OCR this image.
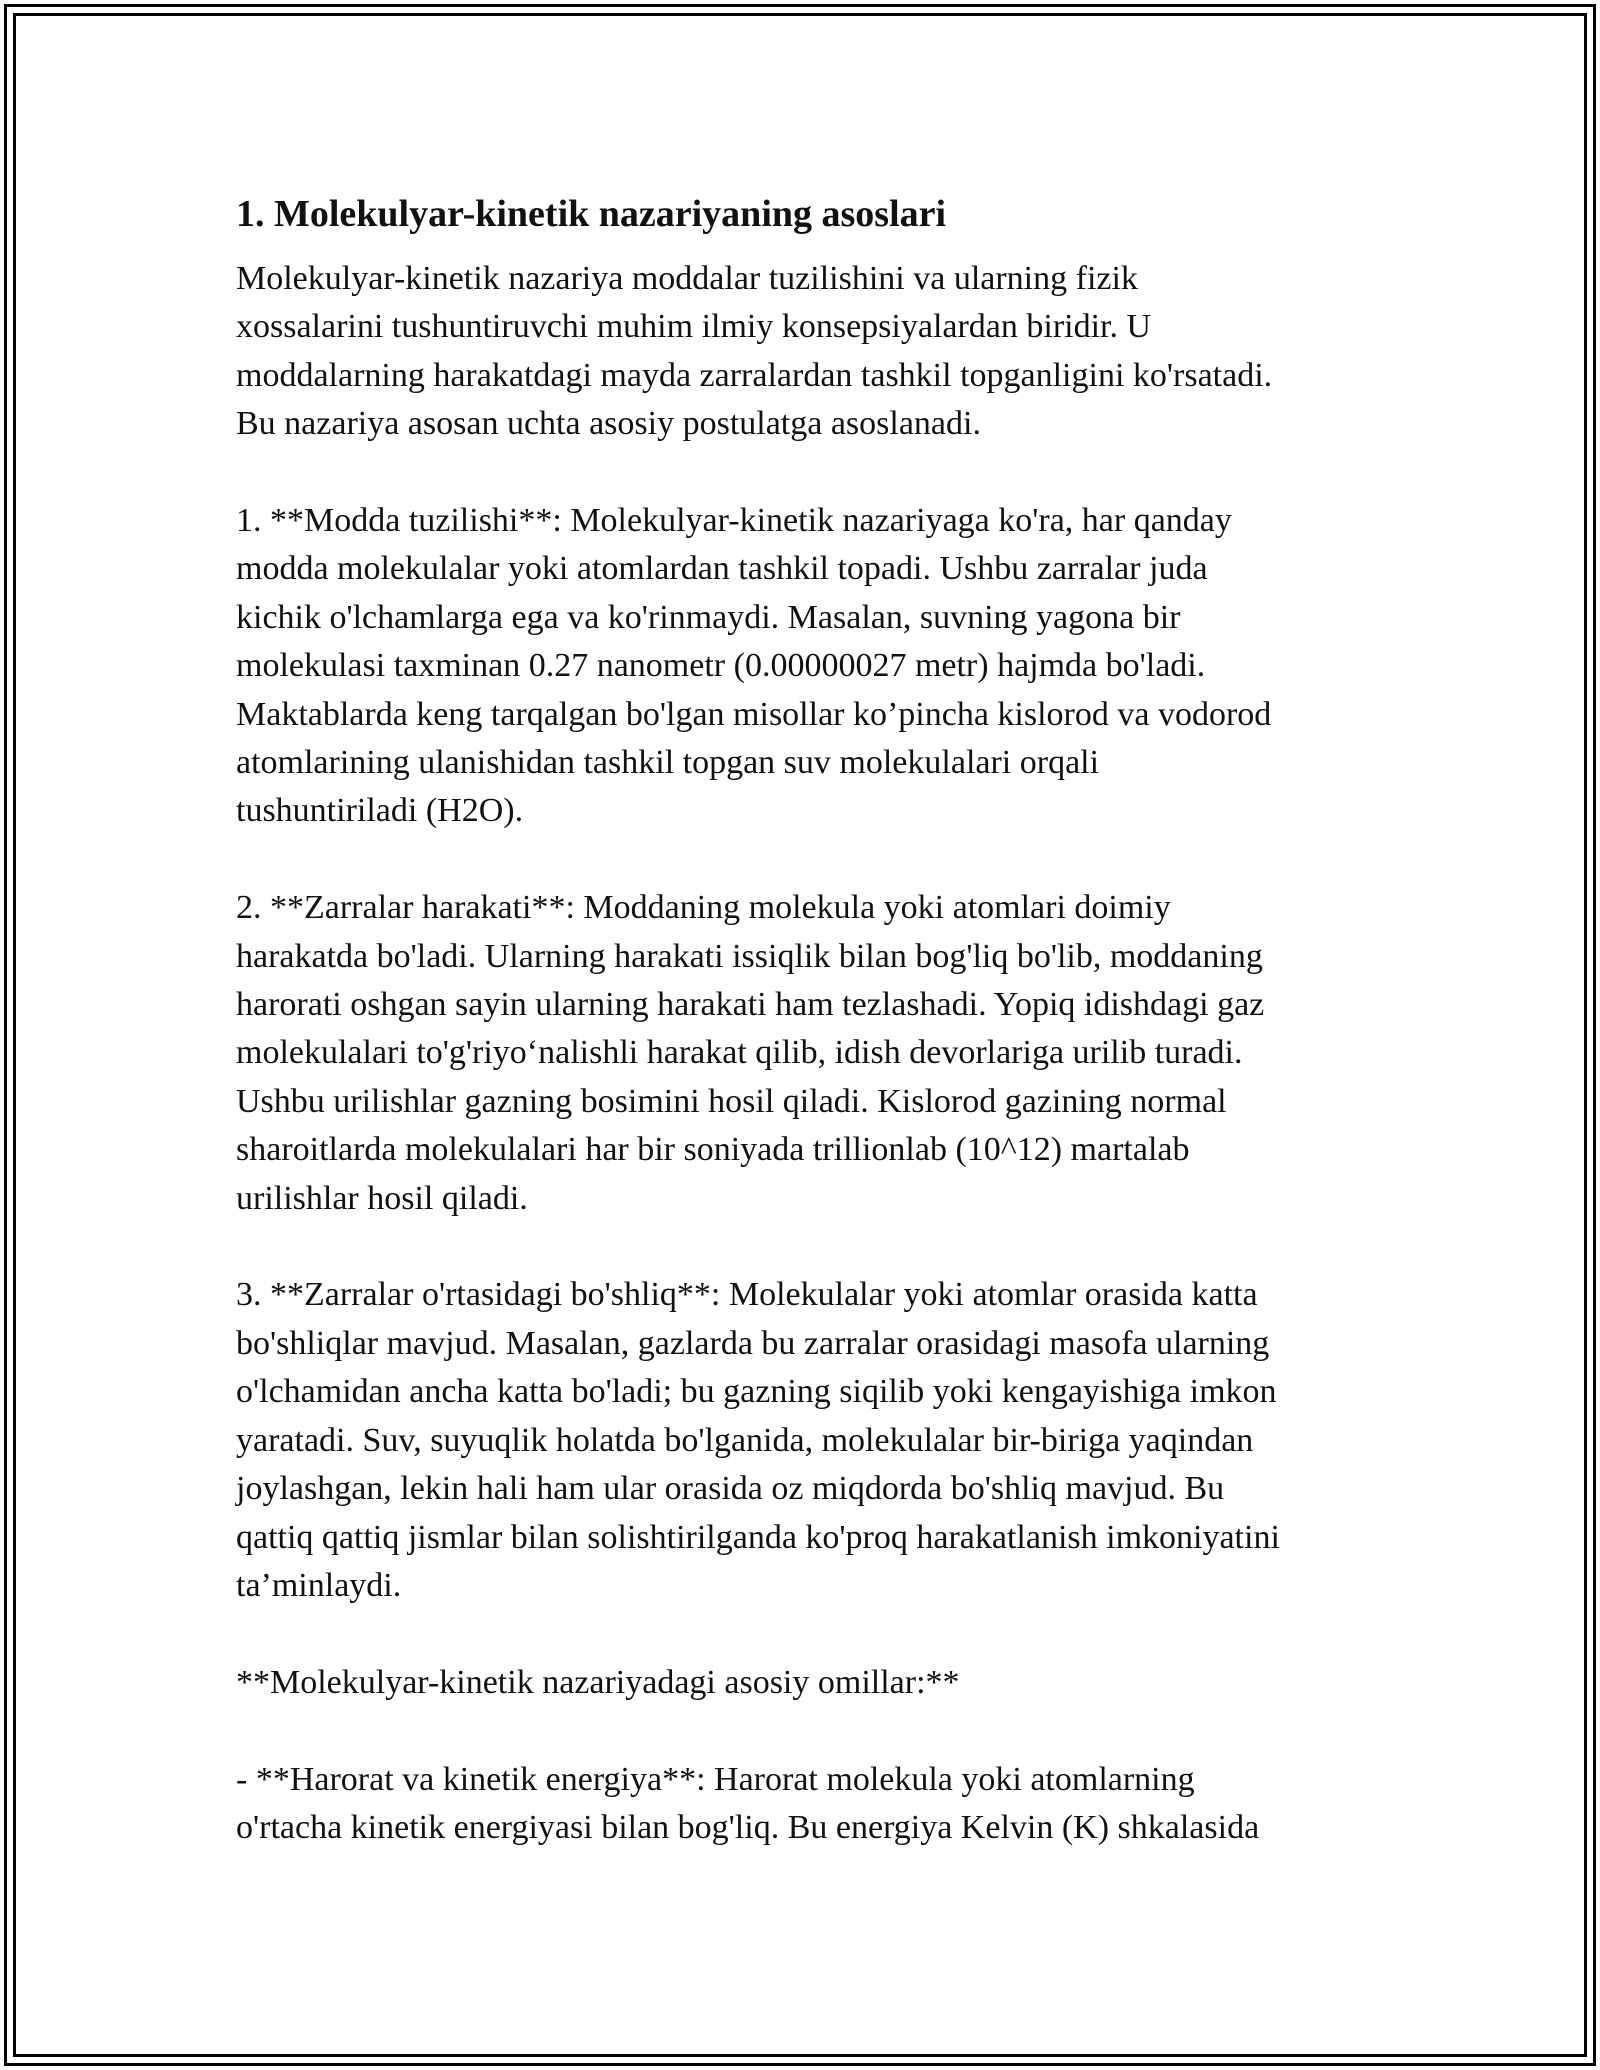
1. Molekulyar-kinetik nazariyaning asoslari

Molekulyar-kinetik nazariya moddalar tuzilishini va ularning fizik
xossalarini tushuntiruvchi muhim ilmiy konsepsiyalardan biridir. U
moddalarning harakatdagi mayda zarralardan tashkil topganligini ko'rsatadi.
Bu nazariya asosan uchta asosiy postulatga asoslanadi.

1. **Modda tuzilishi**: Molekulyar-kinetik nazariyaga ko'ra, har qanday
modda molekulalar yoki atomlardan tashkil topadi. Ushbu zarralar juda
kichik o'lchamlarga ega va ko'rinmaydi. Masalan, suvning yagona bir
molekulasi taxminan 0.27 nanometr (0.00000027 metr) hajmda bo'ladi.
Maktablarda keng tarqalgan bo'lgan misollar ko’pincha kislorod va vodorod
atomlarining ulanishidan tashkil topgan suv molekulalari orqali
tushuntiriladi (H2O).

2. **Zarralar harakati**: Moddaning molekula yoki atomlari doimiy
harakatda bo'ladi. Ularning harakati issiqlik bilan bog'liq bo'lib, moddaning
harorati oshgan sayin ularning harakati ham tezlashadi. Yopiq idishdagi gaz
molekulalari to'g'riyo‘nalishli harakat qilib, idish devorlariga urilib turadi.
Ushbu urilishlar gazning bosimini hosil qiladi. Kislorod gazining normal
sharoitlarda molekulalari har bir soniyada trillionlab (10^12) martalab
urilishlar hosil qiladi.

3. **Zarralar o'rtasidagi bo'shliq**: Molekulalar yoki atomlar orasida katta
bo'shliqlar mavjud. Masalan, gazlarda bu zarralar orasidagi masofa ularning
o'lchamidan ancha katta bo'ladi; bu gazning siqilib yoki kengayishiga imkon
yaratadi. Suv, suyuqlik holatda bo'lganida, molekulalar bir-biriga yaqindan
joylashgan, lekin hali ham ular orasida oz miqdorda bo'shliq mavjud. Bu
qattiq qattiq jismlar bilan solishtirilganda ko'proq harakatlanish imkoniyatini
ta’minlaydi.

**Molekulyar-kinetik nazariyadagi asosiy omillar:**

- **Harorat va kinetik energiya**: Harorat molekula yoki atomlarning
o'rtacha kinetik energiyasi bilan bog'liq. Bu energiya Kelvin (K) shkalasida
